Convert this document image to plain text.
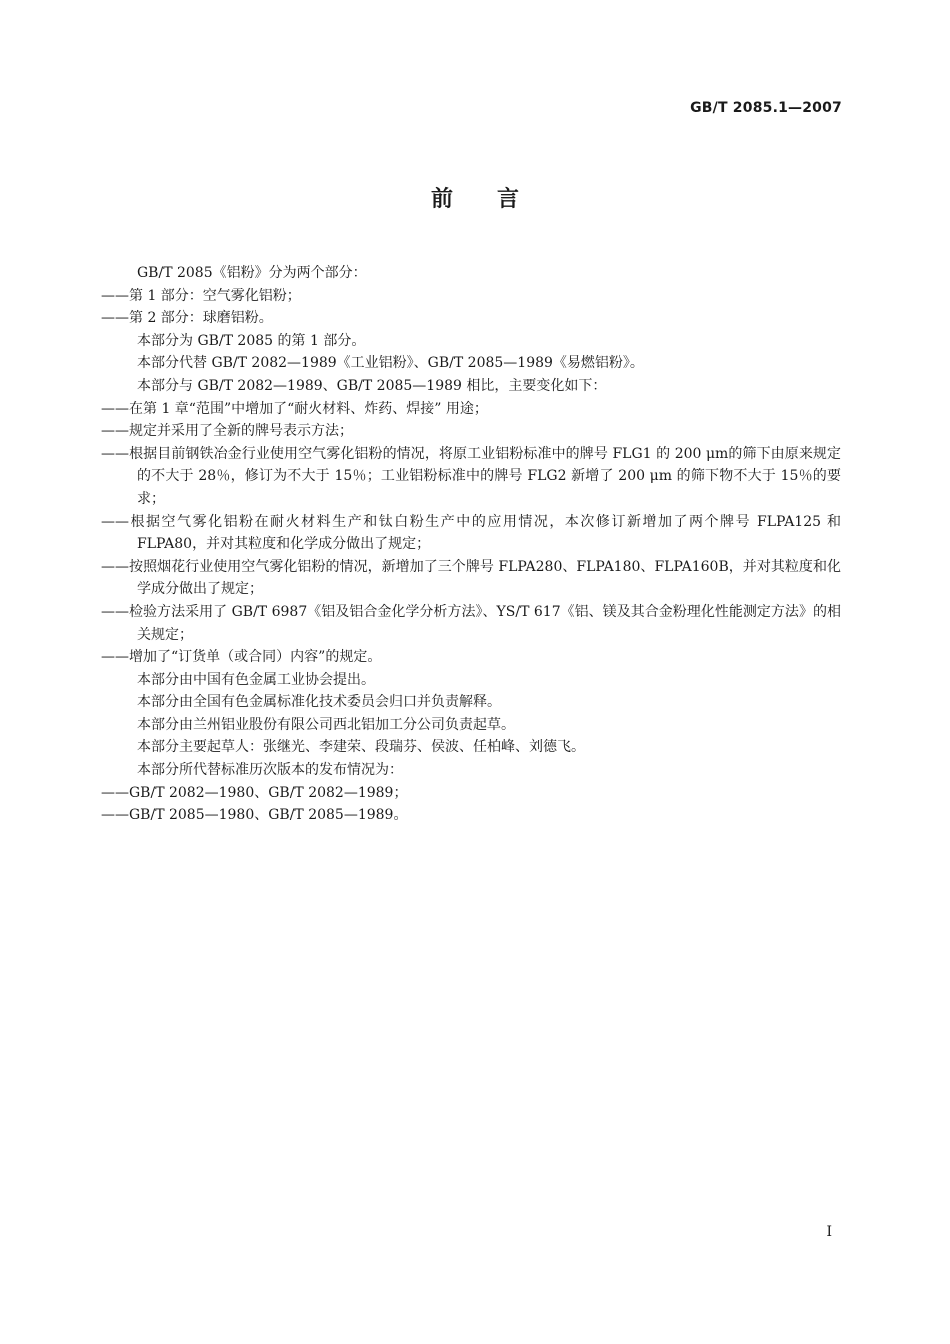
GB/T 2085.1—2007
前言

GB/T 2085《铝粉》分为两个部分：

——第 1 部分：空气雾化铝粉；

——第 2 部分：球磨铝粉。

本部分为 GB/T 2085 的第 1 部分。

本部分代替 GB/T 2082—1989《工业铝粉》、GB/T 2085—1989《易燃铝粉》。

本部分与 GB/T 2082—1989、GB/T 2085—1989 相比，主要变化如下：

——在第 1 章“范围”中增加了“耐火材料、炸药、焊接” 用途；

——规定并采用了全新的牌号表示方法；

——根据目前钢铁冶金行业使用空气雾化铝粉的情况，将原工业铝粉标准中的牌号 FLG1 的 200 μm的筛下由原来规定的不大于 28％，修订为不大于 15％；工业铝粉标准中的牌号 FLG2 新增了 200 μm 的筛下物不大于 15％的要求；

——根据空气雾化铝粉在耐火材料生产和钛白粉生产中的应用情况，本次修订新增加了两个牌号 FLPA125 和 FLPA80，并对其粒度和化学成分做出了规定；

——按照烟花行业使用空气雾化铝粉的情况，新增加了三个牌号 FLPA280、FLPA180、FLPA160B，并对其粒度和化学成分做出了规定；

——检验方法采用了 GB/T 6987《铝及铝合金化学分析方法》、YS/T 617《铝、镁及其合金粉理化性能测定方法》的相关规定；

——增加了“订货单（或合同）内容”的规定。

本部分由中国有色金属工业协会提出。

本部分由全国有色金属标准化技术委员会归口并负责解释。

本部分由兰州铝业股份有限公司西北铝加工分公司负责起草。

本部分主要起草人：张继光、李建荣、段瑞芬、侯波、任柏峰、刘德飞。

本部分所代替标准历次版本的发布情况为：

——GB/T 2082—1980、GB/T 2082—1989；

——GB/T 2085—1980、GB/T 2085—1989。

I
